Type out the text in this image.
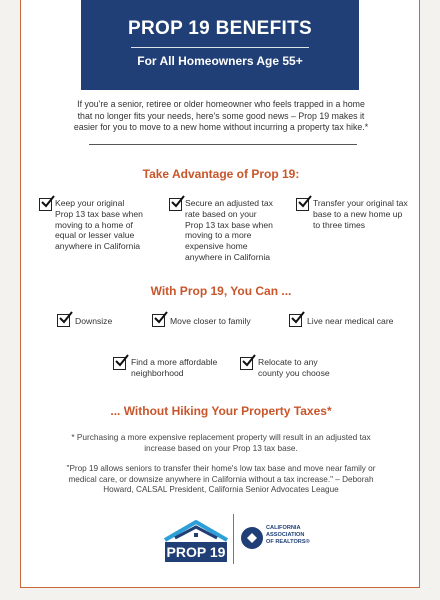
PROP 19 BENEFITS
For All Homeowners Age 55+
If you're a senior, retiree or older homeowner who feels trapped in a home
that no longer fits your needs, here's some good news – Prop 19 makes it
easier for you to move to a new home without incurring a property tax hike.*
Take Advantage of Prop 19:
Keep your original
Prop 13 tax base when
moving to a home of
equal or lesser value
anywhere in California
Secure an adjusted tax
rate based on your
Prop 13 tax base when
moving to a more
expensive home
anywhere in California
Transfer your original tax
base to a new home up
to three times
With Prop 19, You Can ...
Downsize	Move closer to family	Live near medical care
Find a more affordable
neighborhood
Relocate to any
county you choose
... Without Hiking Your Property Taxes*
* Purchasing a more expensive replacement property will result in an adjusted tax
increase based on your Prop 13 tax base.
"Prop 19 allows seniors to transfer their home's low tax base and move near family or
medical care, or downsize anywhere in California without a tax increase." – Deborah
Howard, CALSAL President, California Senior Advocates League
PROP 19
CALIFORNIA
ASSOCIATION
OF REALTORS®
